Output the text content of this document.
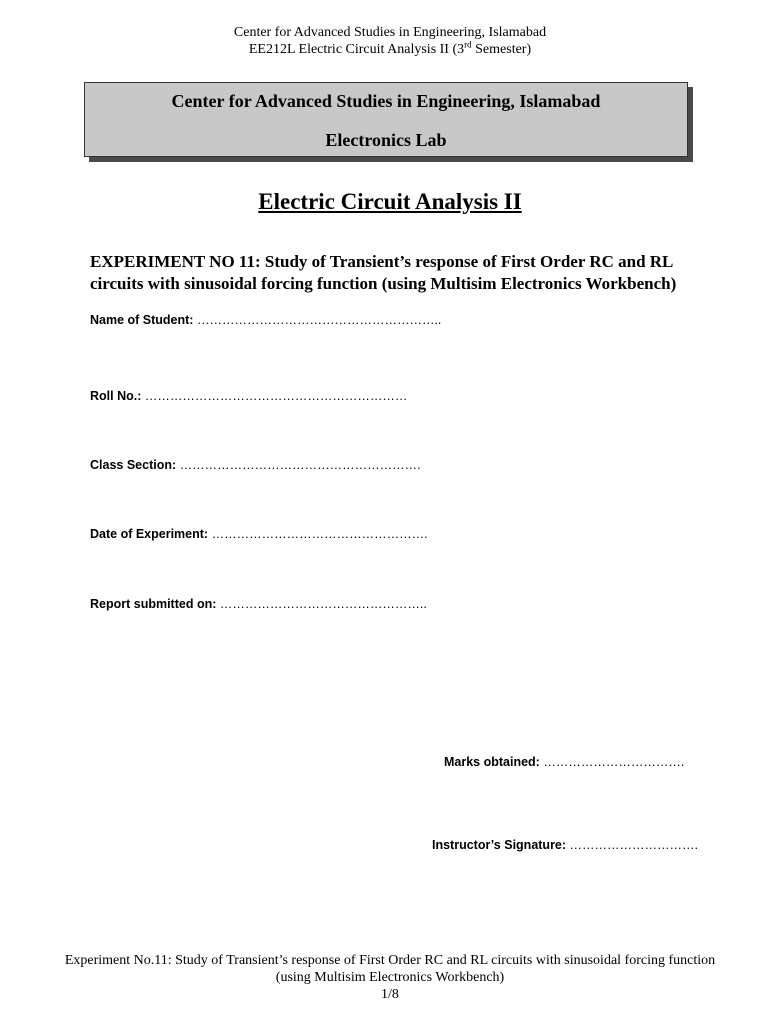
Center for Advanced Studies in Engineering, Islamabad
EE212L Electric Circuit Analysis II (3rd Semester)
Center for Advanced Studies in Engineering, Islamabad
Electronics Lab
Electric Circuit Analysis II
EXPERIMENT NO 11: Study of Transient’s response of First Order RC and RL circuits with sinusoidal forcing function (using Multisim Electronics Workbench)
Name of Student: …………………………………………………..
Roll No.: ………………………………………………………
Class Section: ………………………………………………….
Date of Experiment: …………………………………………….
Report submitted on: …………………………………………..
Marks obtained: …………………………….
Instructor’s Signature: ………………………….
Experiment No.11: Study of Transient’s response of First Order RC and RL circuits with sinusoidal forcing function (using Multisim Electronics Workbench)
1/8
